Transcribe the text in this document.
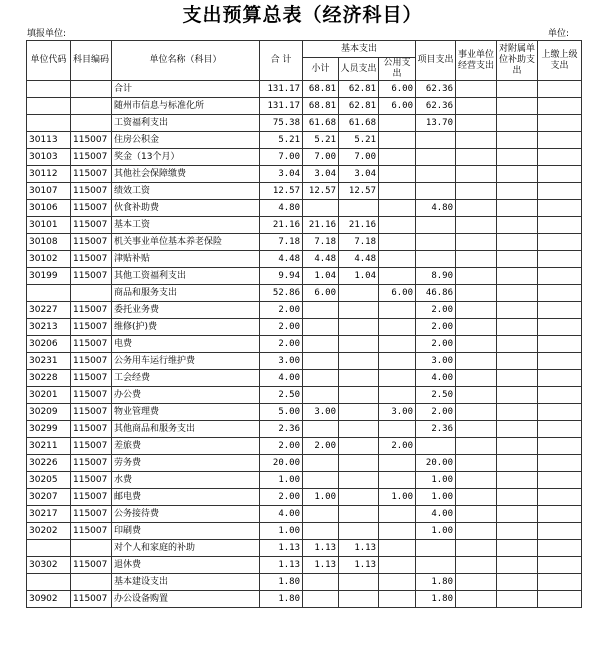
支出预算总表（经济科目）
填报单位:	单位:
单位代码	科目编码	单位名称（科目）	合 计	基本支出			项目支出	事业单位经营支出	对附属单位补助支出	上缴上级支出
				小计	人员支出	公用支出				
		合计	131.17	68.81	62.81	6.00	62.36			
		随州市信息与标准化所	131.17	68.81	62.81	6.00	62.36			
		工资福利支出	75.38	61.68	61.68		13.70			
30113	115007	住房公积金	5.21	5.21	5.21					
30103	115007	奖金（13个月）	7.00	7.00	7.00					
30112	115007	其他社会保障缴费	3.04	3.04	3.04					
30107	115007	绩效工资	12.57	12.57	12.57					
30106	115007	伙食补助费	4.80				4.80			
30101	115007	基本工资	21.16	21.16	21.16					
30108	115007	机关事业单位基本养老保险	7.18	7.18	7.18					
30102	115007	津贴补贴	4.48	4.48	4.48					
30199	115007	其他工资福利支出	9.94	1.04	1.04		8.90			
		商品和服务支出	52.86	6.00		6.00	46.86			
30227	115007	委托业务费	2.00				2.00			
30213	115007	维修(护)费	2.00				2.00			
30206	115007	电费	2.00				2.00			
30231	115007	公务用车运行维护费	3.00				3.00			
30228	115007	工会经费	4.00				4.00			
30201	115007	办公费	2.50				2.50			
30209	115007	物业管理费	5.00	3.00		3.00	2.00			
30299	115007	其他商品和服务支出	2.36				2.36			
30211	115007	差旅费	2.00	2.00		2.00				
30226	115007	劳务费	20.00				20.00			
30205	115007	水费	1.00				1.00			
30207	115007	邮电费	2.00	1.00		1.00	1.00			
30217	115007	公务接待费	4.00				4.00			
30202	115007	印刷费	1.00				1.00			
		对个人和家庭的补助	1.13	1.13	1.13					
30302	115007	退休费	1.13	1.13	1.13					
		基本建设支出	1.80				1.80			
30902	115007	办公设备购置	1.80				1.80			
